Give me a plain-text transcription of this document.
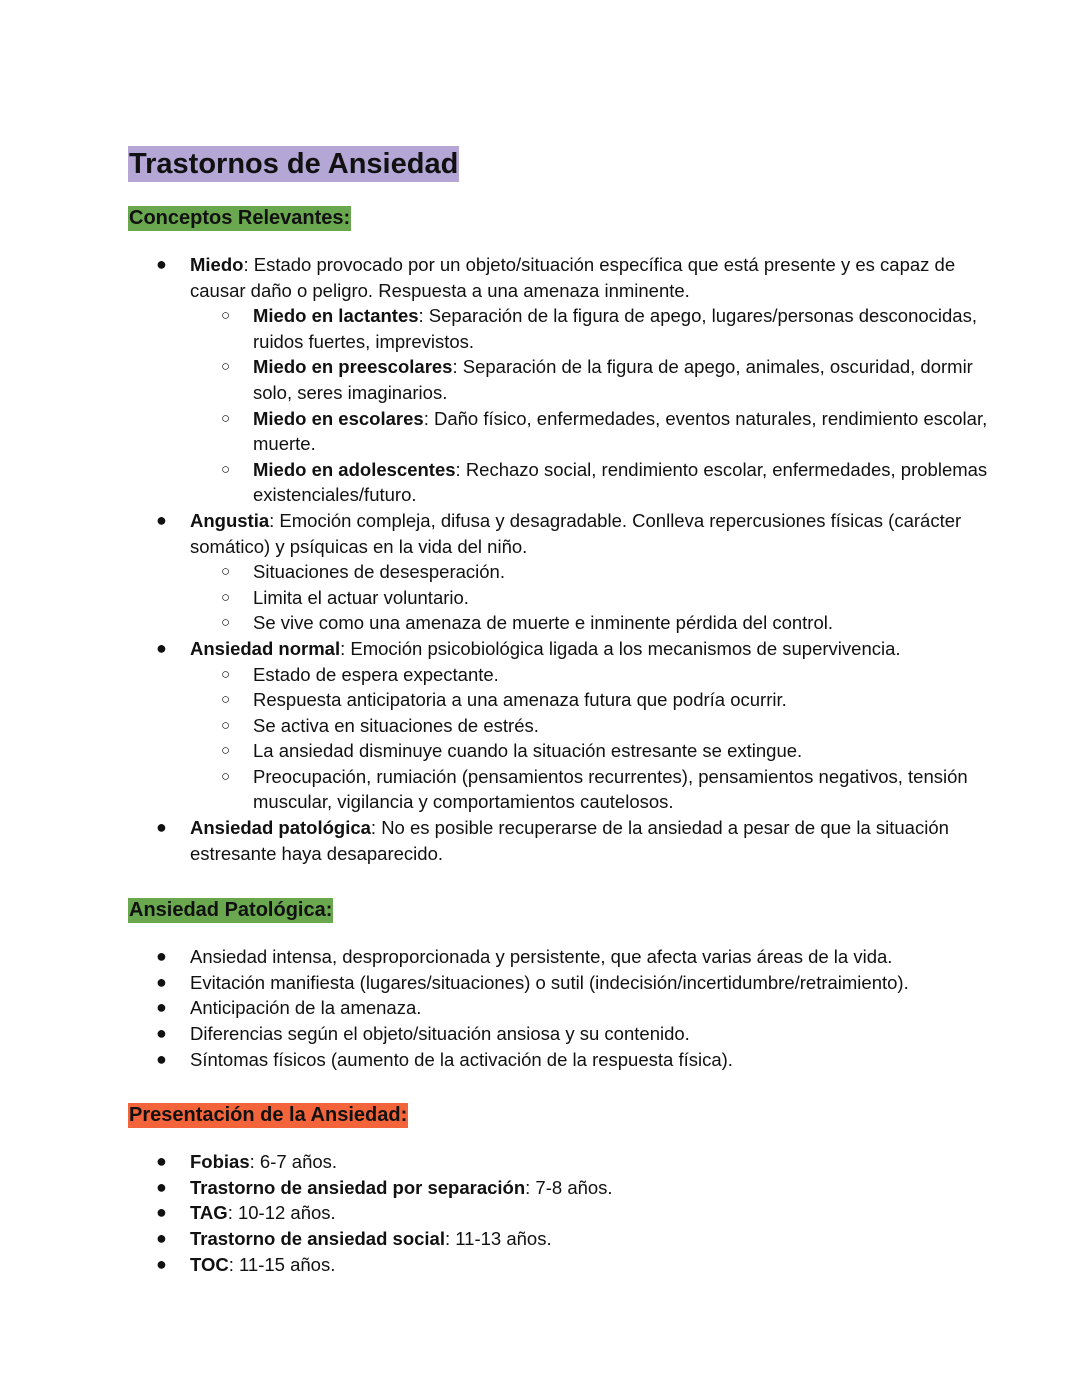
Trastornos de Ansiedad
Conceptos Relevantes:
● Miedo: Estado provocado por un objeto/situación específica que está presente y es capaz de causar daño o peligro. Respuesta a una amenaza inminente.
○ Miedo en lactantes: Separación de la figura de apego, lugares/personas desconocidas, ruidos fuertes, imprevistos.
○ Miedo en preescolares: Separación de la figura de apego, animales, oscuridad, dormir solo, seres imaginarios.
○ Miedo en escolares: Daño físico, enfermedades, eventos naturales, rendimiento escolar, muerte.
○ Miedo en adolescentes: Rechazo social, rendimiento escolar, enfermedades, problemas existenciales/futuro.
● Angustia: Emoción compleja, difusa y desagradable. Conlleva repercusiones físicas (carácter somático) y psíquicas en la vida del niño.
○ Situaciones de desesperación.
○ Limita el actuar voluntario.
○ Se vive como una amenaza de muerte e inminente pérdida del control.
● Ansiedad normal: Emoción psicobiológica ligada a los mecanismos de supervivencia.
○ Estado de espera expectante.
○ Respuesta anticipatoria a una amenaza futura que podría ocurrir.
○ Se activa en situaciones de estrés.
○ La ansiedad disminuye cuando la situación estresante se extingue.
○ Preocupación, rumiación (pensamientos recurrentes), pensamientos negativos, tensión muscular, vigilancia y comportamientos cautelosos.
● Ansiedad patológica: No es posible recuperarse de la ansiedad a pesar de que la situación estresante haya desaparecido.
Ansiedad Patológica:
● Ansiedad intensa, desproporcionada y persistente, que afecta varias áreas de la vida.
● Evitación manifiesta (lugares/situaciones) o sutil (indecisión/incertidumbre/retraimiento).
● Anticipación de la amenaza.
● Diferencias según el objeto/situación ansiosa y su contenido.
● Síntomas físicos (aumento de la activación de la respuesta física).
Presentación de la Ansiedad:
● Fobias: 6-7 años.
● Trastorno de ansiedad por separación: 7-8 años.
● TAG: 10-12 años.
● Trastorno de ansiedad social: 11-13 años.
● TOC: 11-15 años.
